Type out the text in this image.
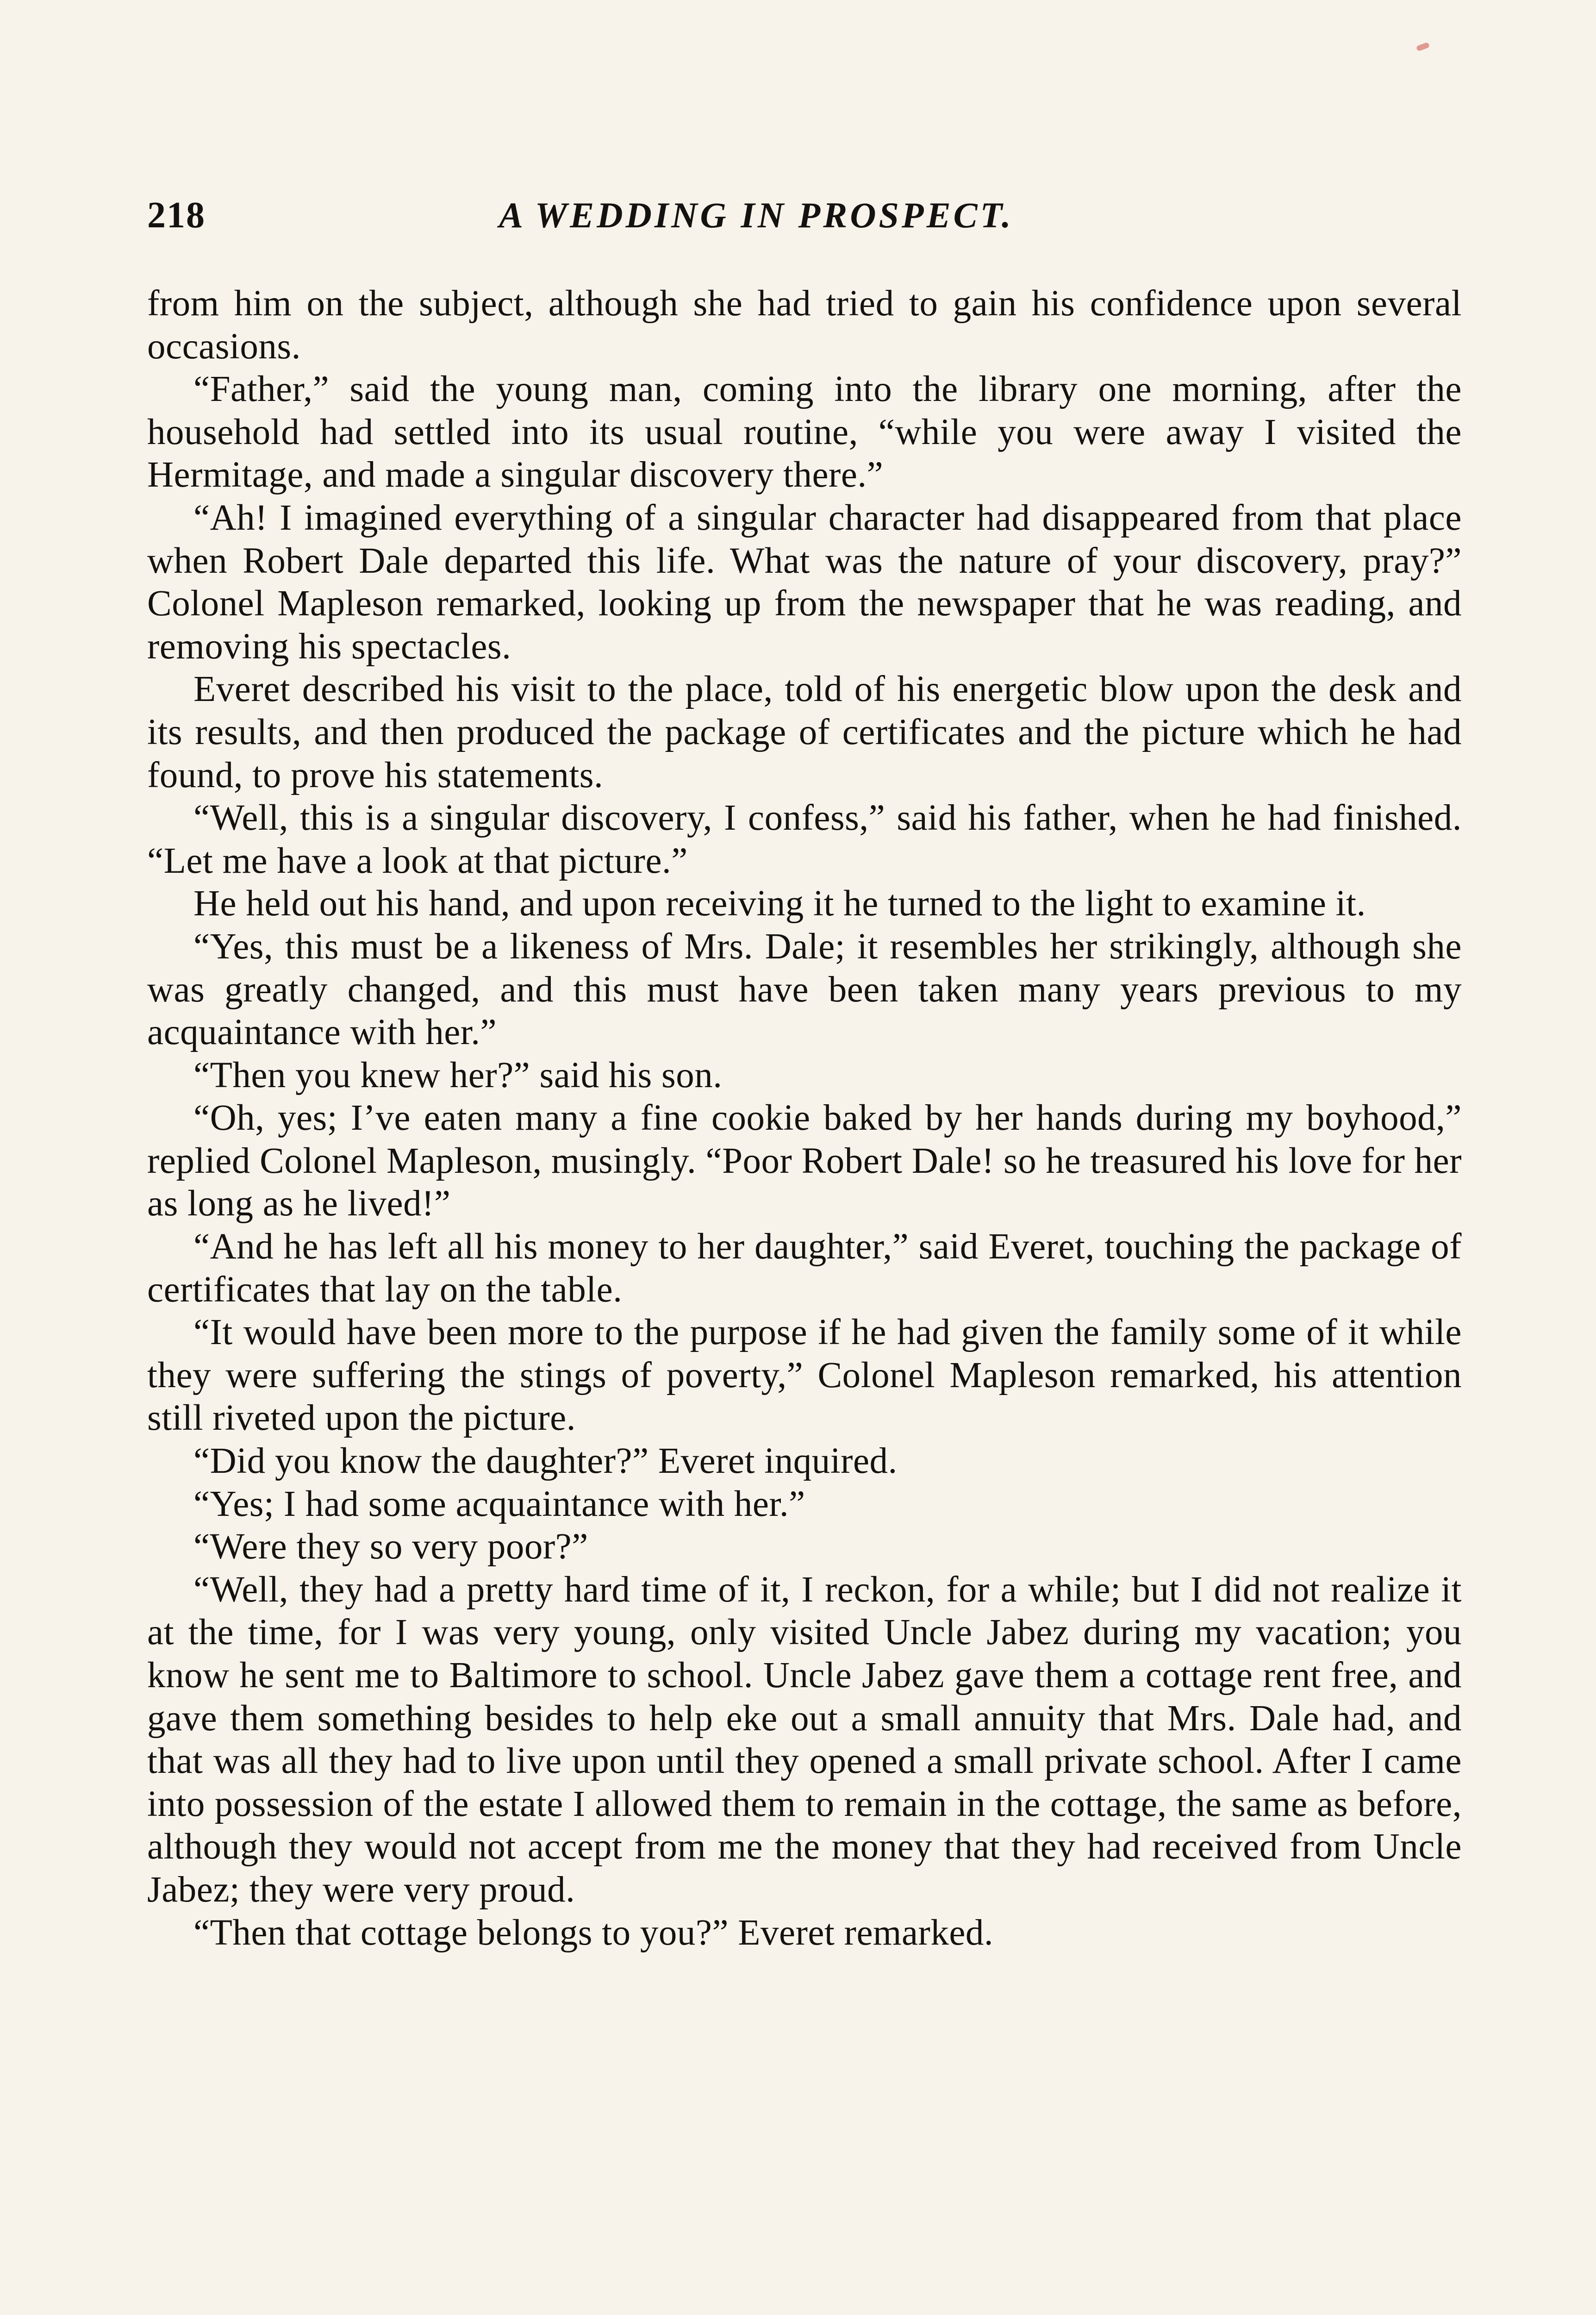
218	A WEDDING IN PROSPECT.

from him on the subject, although she had tried to gain his confidence upon several occasions.

“Father,” said the young man, coming into the library one morning, after the household had settled into its usual routine, “while you were away I visited the Hermitage, and made a singular discovery there.”

“Ah! I imagined everything of a singular character had disappeared from that place when Robert Dale departed this life. What was the nature of your discovery, pray?” Colonel Mapleson remarked, looking up from the newspaper that he was reading, and removing his spectacles.

Everet described his visit to the place, told of his energetic blow upon the desk and its results, and then produced the package of certificates and the picture which he had found, to prove his statements.

“Well, this is a singular discovery, I confess,” said his father, when he had finished. “Let me have a look at that picture.”

He held out his hand, and upon receiving it he turned to the light to examine it.

“Yes, this must be a likeness of Mrs. Dale; it resembles her strikingly, although she was greatly changed, and this must have been taken many years previous to my acquaintance with her.”

“Then you knew her?” said his son.

“Oh, yes; I’ve eaten many a fine cookie baked by her hands during my boyhood,” replied Colonel Mapleson, musingly. “Poor Robert Dale! so he treasured his love for her as long as he lived!”

“And he has left all his money to her daughter,” said Everet, touching the package of certificates that lay on the table.

“It would have been more to the purpose if he had given the family some of it while they were suffering the stings of poverty,” Colonel Mapleson remarked, his attention still riveted upon the picture.

“Did you know the daughter?” Everet inquired.

“Yes; I had some acquaintance with her.”

“Were they so very poor?”

“Well, they had a pretty hard time of it, I reckon, for a while; but I did not realize it at the time, for I was very young, only visited Uncle Jabez during my vacation; you know he sent me to Baltimore to school. Uncle Jabez gave them a cottage rent free, and gave them something besides to help eke out a small annuity that Mrs. Dale had, and that was all they had to live upon until they opened a small private school. After I came into possession of the estate I allowed them to remain in the cottage, the same as before, although they would not accept from me the money that they had received from Uncle Jabez; they were very proud.

“Then that cottage belongs to you?” Everet remarked.
